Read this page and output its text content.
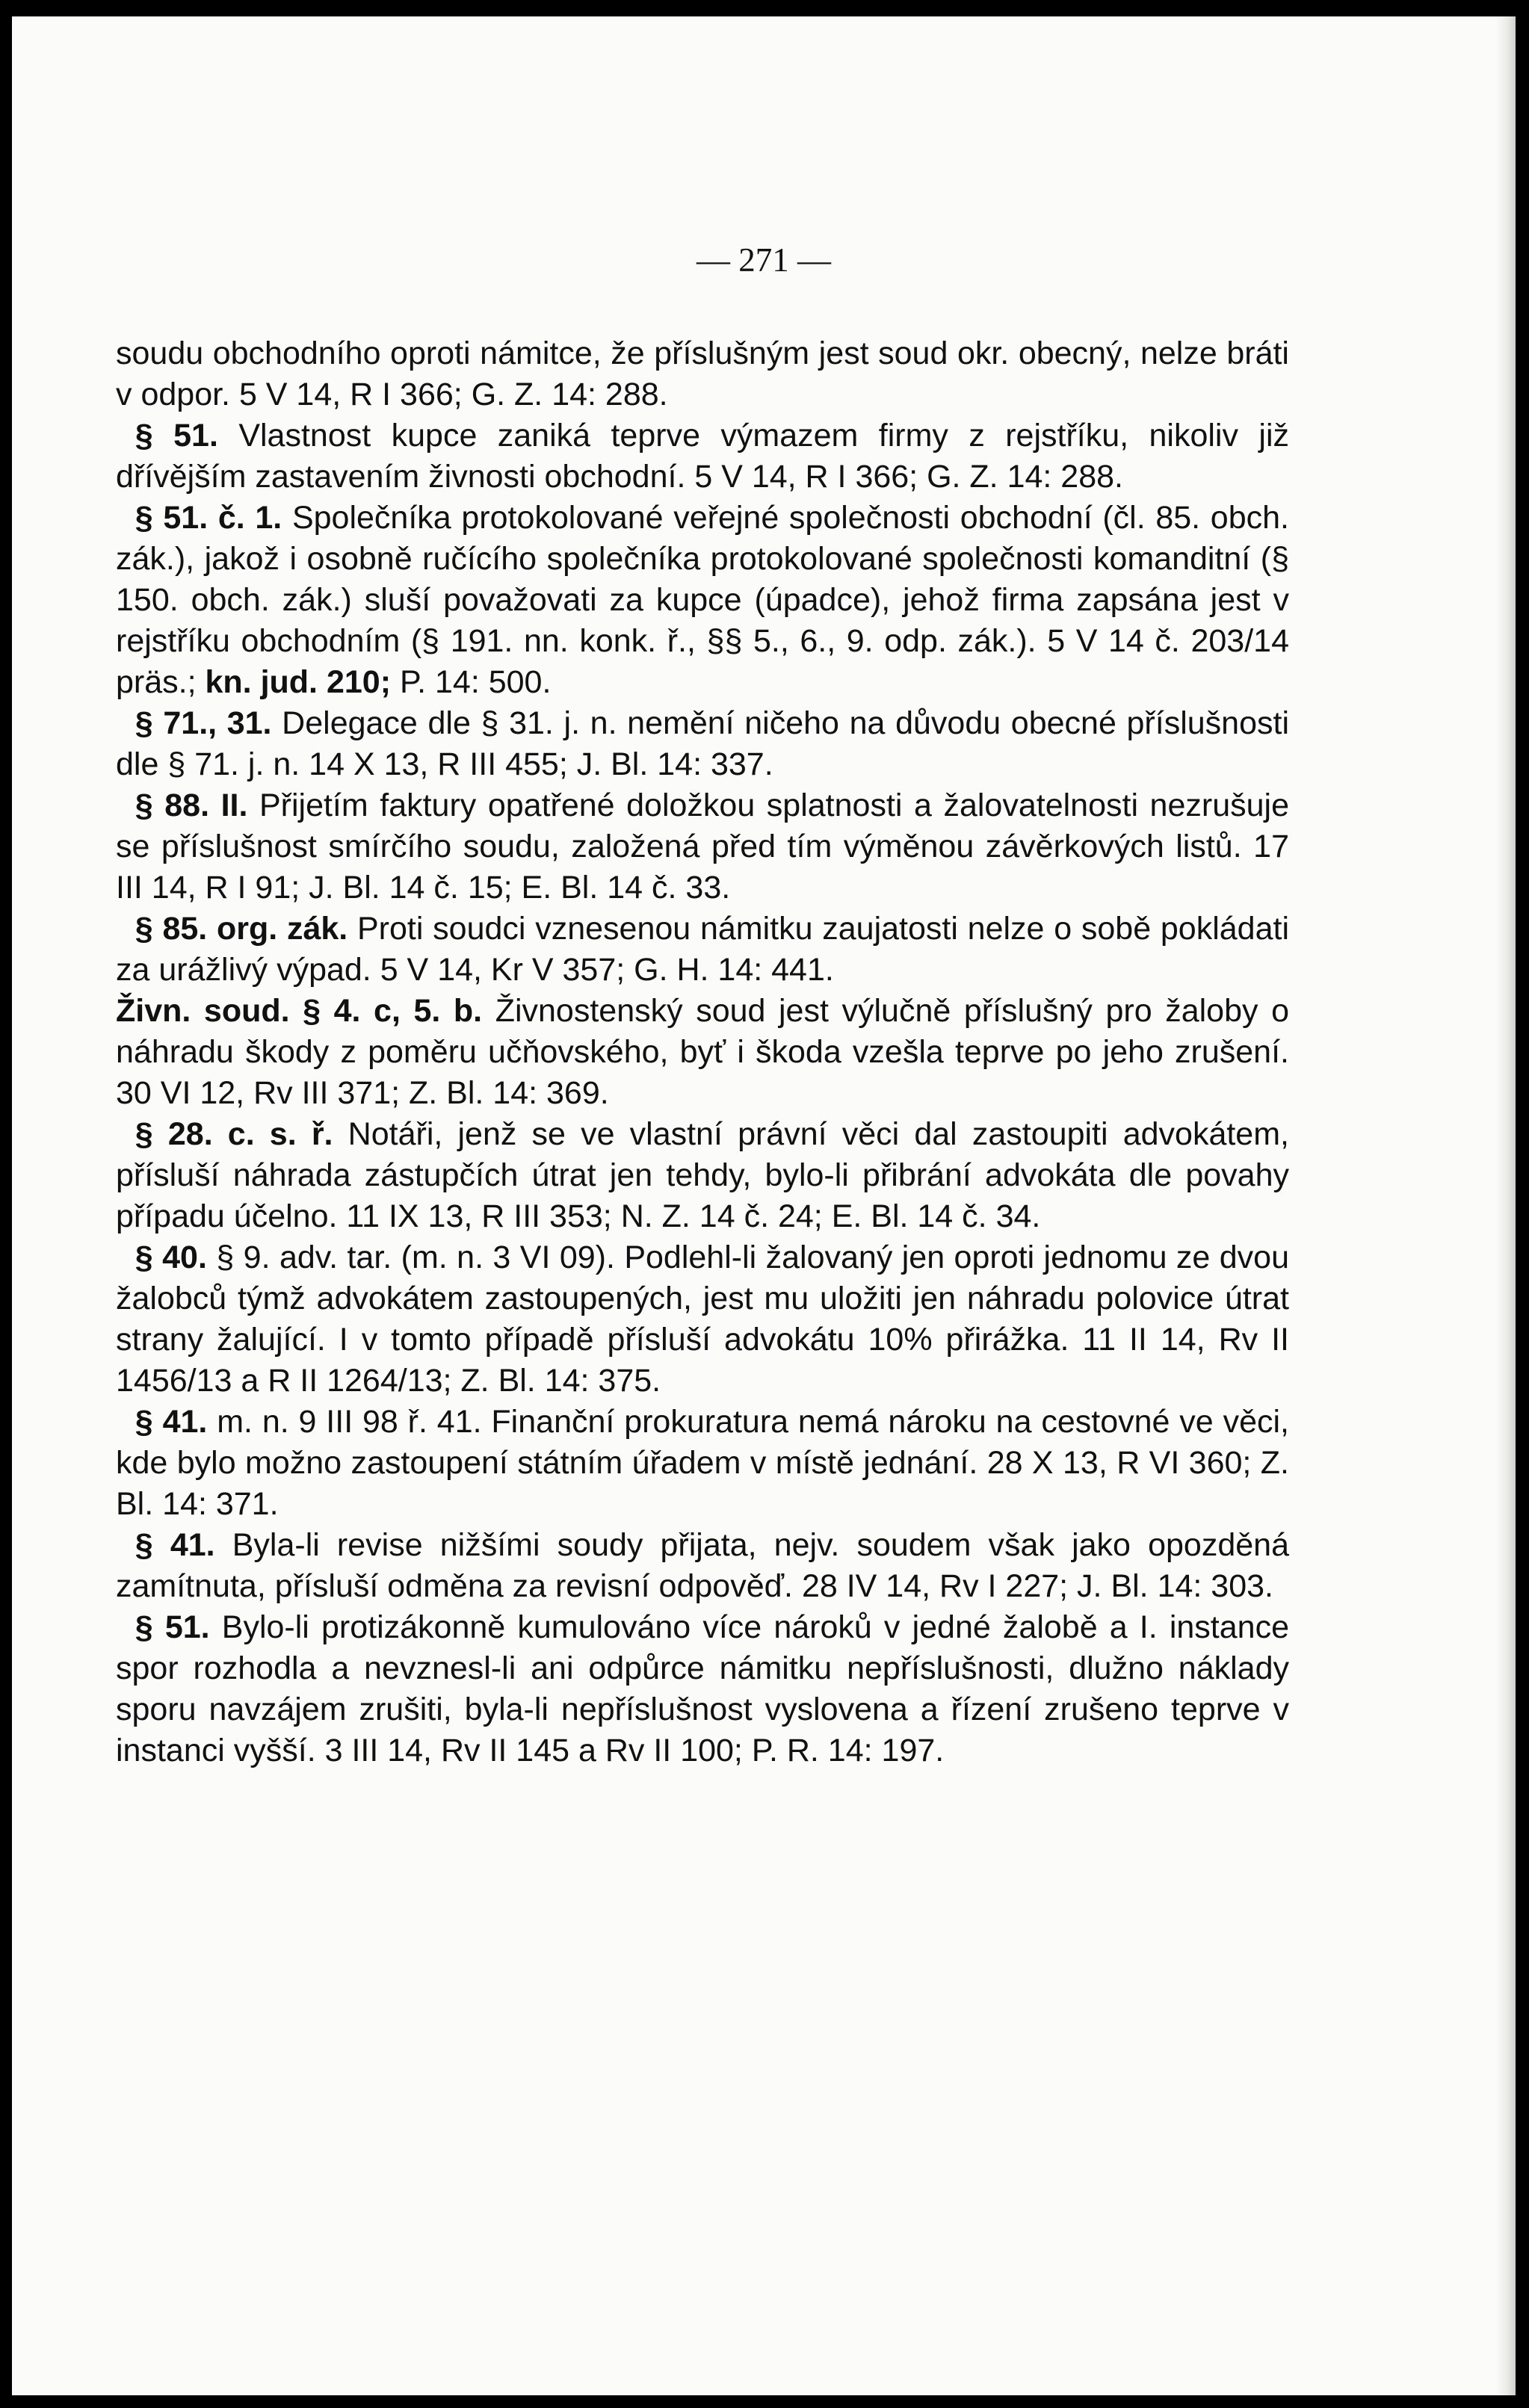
— 271 —

soudu obchodního oproti námitce, že příslušným jest soud okr. obecný, nelze bráti v odpor. 5 V 14, R I 366; G. Z. 14: 288.

§ 51. Vlastnost kupce zaniká teprve výmazem firmy z rejstříku, nikoliv již dřívějším zastavením živnosti obchodní. 5 V 14, R I 366; G. Z. 14: 288.

§ 51. č. 1. Společníka protokolované veřejné společnosti obchodní (čl. 85. obch. zák.), jakož i osobně ručícího společníka protokolované společnosti komanditní (§ 150. obch. zák.) sluší považovati za kupce (úpadce), jehož firma zapsána jest v rejstříku obchodním (§ 191. nn. konk. ř., §§ 5., 6., 9. odp. zák.). 5 V 14 č. 203/14 präs.; kn. jud. 210; P. 14: 500.

§ 71., 31. Delegace dle § 31. j. n. nemění ničeho na důvodu obecné příslušnosti dle § 71. j. n. 14 X 13, R III 455; J. Bl. 14: 337.

§ 88. II. Přijetím faktury opatřené doložkou splatnosti a žalovatelnosti nezrušuje se příslušnost smírčího soudu, založená před tím výměnou závěrkových listů. 17 III 14, R I 91; J. Bl. 14 č. 15; E. Bl. 14 č. 33.

§ 85. org. zák. Proti soudci vznesenou námitku zaujatosti nelze o sobě pokládati za urážlivý výpad. 5 V 14, Kr V 357; G. H. 14: 441.

Živn. soud. § 4. c, 5. b. Živnostenský soud jest výlučně příslušný pro žaloby o náhradu škody z poměru učňovského, byť i škoda vzešla teprve po jeho zrušení. 30 VI 12, Rv III 371; Z. Bl. 14: 369.

§ 28. c. s. ř. Notáři, jenž se ve vlastní právní věci dal zastoupiti advokátem, přísluší náhrada zástupčích útrat jen tehdy, bylo-li přibrání advokáta dle povahy případu účelno. 11 IX 13, R III 353; N. Z. 14 č. 24; E. Bl. 14 č. 34.

§ 40. § 9. adv. tar. (m. n. 3 VI 09). Podlehl-li žalovaný jen oproti jednomu ze dvou žalobců týmž advokátem zastoupených, jest mu uložiti jen náhradu polovice útrat strany žalující. I v tomto případě přísluší advokátu 10% přirážka. 11 II 14, Rv II 1456/13 a R II 1264/13; Z. Bl. 14: 375.

§ 41. m. n. 9 III 98 ř. 41. Finanční prokuratura nemá nároku na cestovné ve věci, kde bylo možno zastoupení státním úřadem v místě jednání. 28 X 13, R VI 360; Z. Bl. 14: 371.

§ 41. Byla-li revise nižšími soudy přijata, nejv. soudem však jako opozděná zamítnuta, přísluší odměna za revisní odpověď. 28 IV 14, Rv I 227; J. Bl. 14: 303.

§ 51. Bylo-li protizákonně kumulováno více nároků v jedné žalobě a I. instance spor rozhodla a nevznesl-li ani odpůrce námitku nepříslušnosti, dlužno náklady sporu navzájem zrušiti, byla-li nepříslušnost vyslovena a řízení zrušeno teprve v instanci vyšší. 3 III 14, Rv II 145 a Rv II 100; P. R. 14: 197.
